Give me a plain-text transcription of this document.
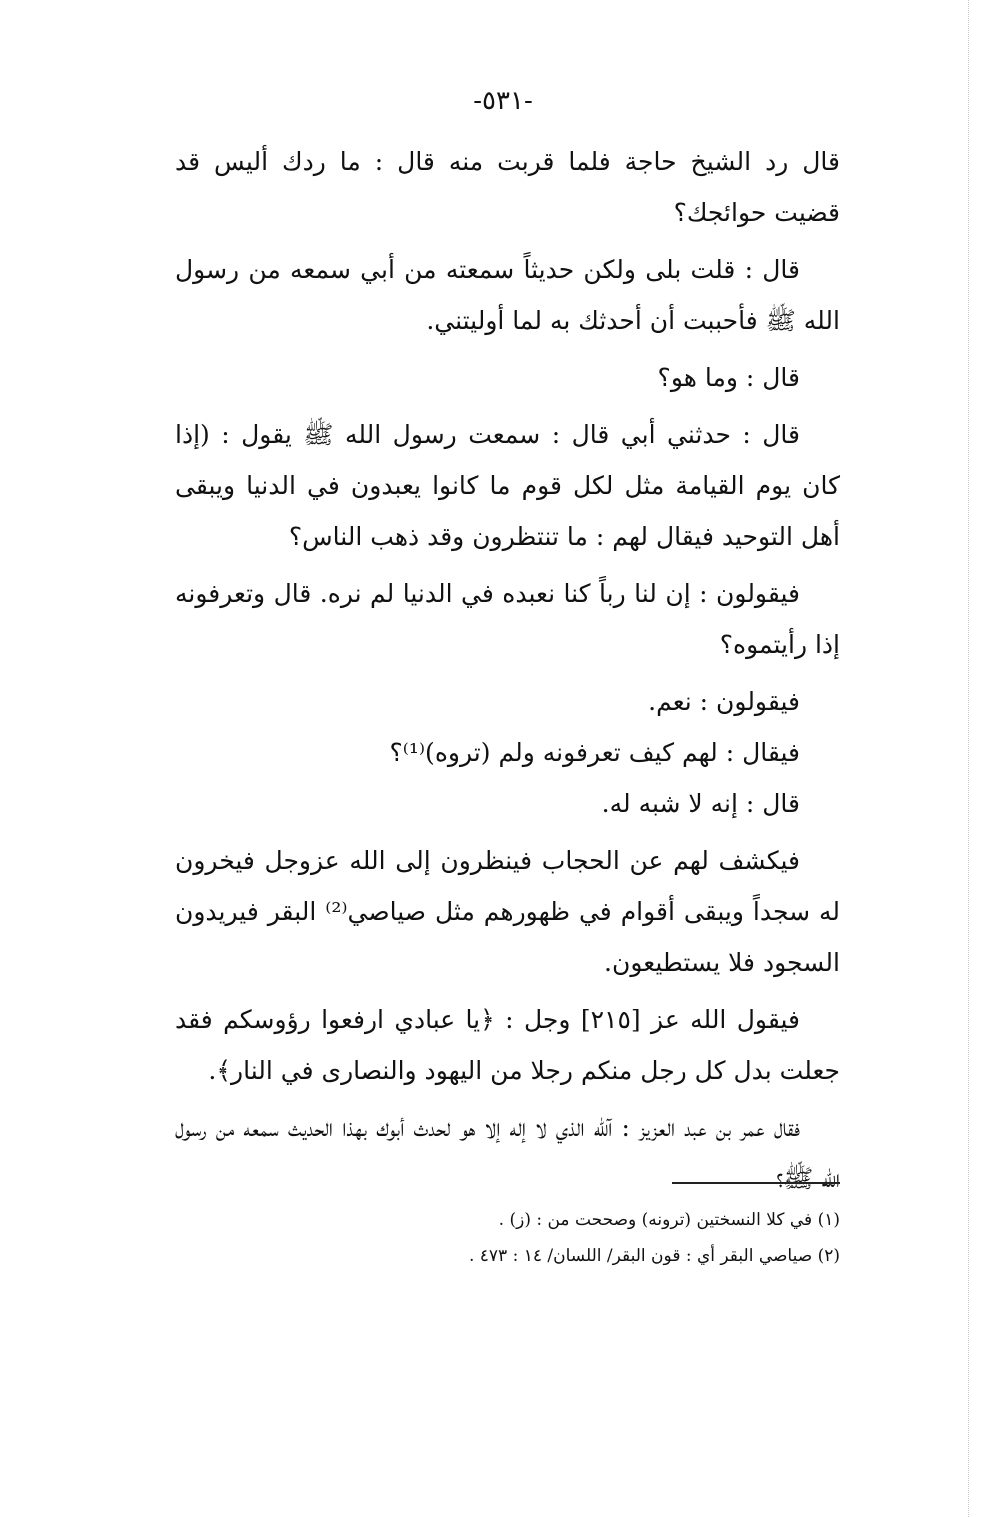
-٥٣١-

قال رد الشيخ حاجة فلما قربت منه قال : ما ردك أليس قد قضيت حوائجك؟

قال : قلت بلى ولكن حديثاً سمعته من أبي سمعه من رسول الله ﷺ فأحببت أن أحدثك به لما أوليتني.

قال : وما هو؟

قال : حدثني أبي قال : سمعت رسول الله ﷺ يقول : (إذا كان يوم القيامة مثل لكل قوم ما كانوا يعبدون في الدنيا ويبقى أهل التوحيد فيقال لهم : ما تنتظرون وقد ذهب الناس؟

فيقولون : إن لنا رباً كنا نعبده في الدنيا لم نره. قال وتعرفونه إذا رأيتموه؟

فيقولون : نعم.

فيقال : لهم كيف تعرفونه ولم (تروه)⁽¹⁾؟

قال : إنه لا شبه له.

فيكشف لهم عن الحجاب فينظرون إلى الله عزوجل فيخرون له سجداً ويبقى أقوام في ظهورهم مثل صياصي⁽²⁾ البقر فيريدون السجود فلا يستطيعون.

فيقول الله عز [٢١٥] وجل : ﴿يا عبادي ارفعوا رؤوسكم فقد جعلت بدل كل رجل منكم رجلا من اليهود والنصارى في النار﴾.

فقال عمر بن عبد العزيز : آلله الذي لا إله إلا هو لحدث أبوك بهذا الحديث سمعه من رسول الله ﷺ؟

(١) في كلا النسختين (ترونه) وصححت من : (ز) .

(٢) صياصي البقر أي : قون البقر/ اللسان/ ١٤ : ٤٧٣ .
